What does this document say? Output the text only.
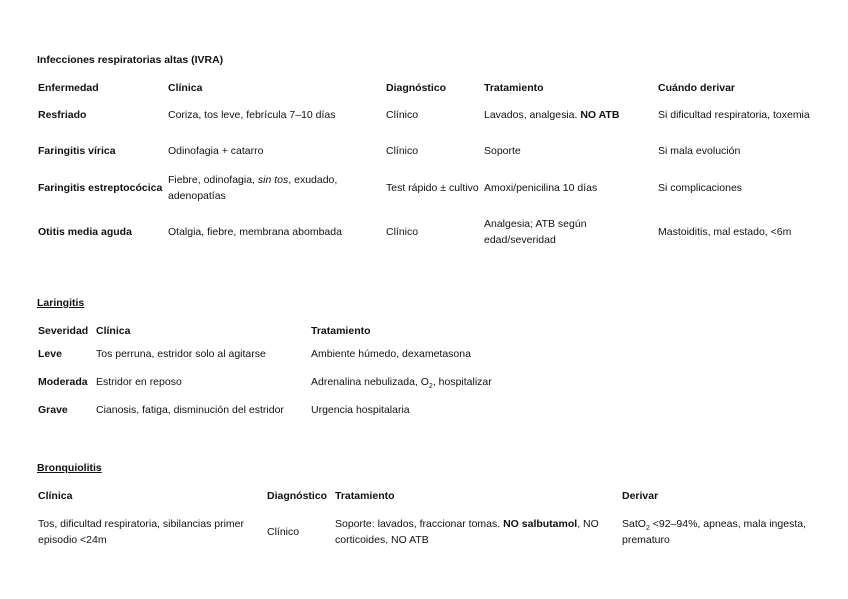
Infecciones respiratorias altas (IVRA)
Enfermedad	Clínica	Diagnóstico	Tratamiento	Cuándo derivar
Resfriado	Coriza, tos leve, febrícula 7–10 días	Clínico	Lavados, analgesia. NO ATB	Si dificultad respiratoria, toxemia
Faringitis vírica	Odinofagia + catarro	Clínico	Soporte	Si mala evolución
Faringitis estreptocócica	Fiebre, odinofagia, sin tos, exudado, adenopatías	Test rápido ± cultivo	Amoxi/penicilina 10 días	Si complicaciones
Otitis media aguda	Otalgia, fiebre, membrana abombada	Clínico	Analgesia; ATB según edad/severidad	Mastoiditis, mal estado, <6m
Laringitis
Severidad	Clínica	Tratamiento
Leve	Tos perruna, estridor solo al agitarse	Ambiente húmedo, dexametasona
Moderada	Estridor en reposo	Adrenalina nebulizada, $O_2$, hospitalizar
Grave	Cianosis, fatiga, disminución del estridor	Urgencia hospitalaria
Bronquiolitis
Clínica	Diagnóstico	Tratamiento	Derivar
Tos, dificultad respiratoria, sibilancias primer episodio <24m	Clínico	Soporte: lavados, fraccionar tomas. NO salbutamol, NO corticoides, NO ATB	SatO$_2$ <92–94%, apneas, mala ingesta, prematuro
